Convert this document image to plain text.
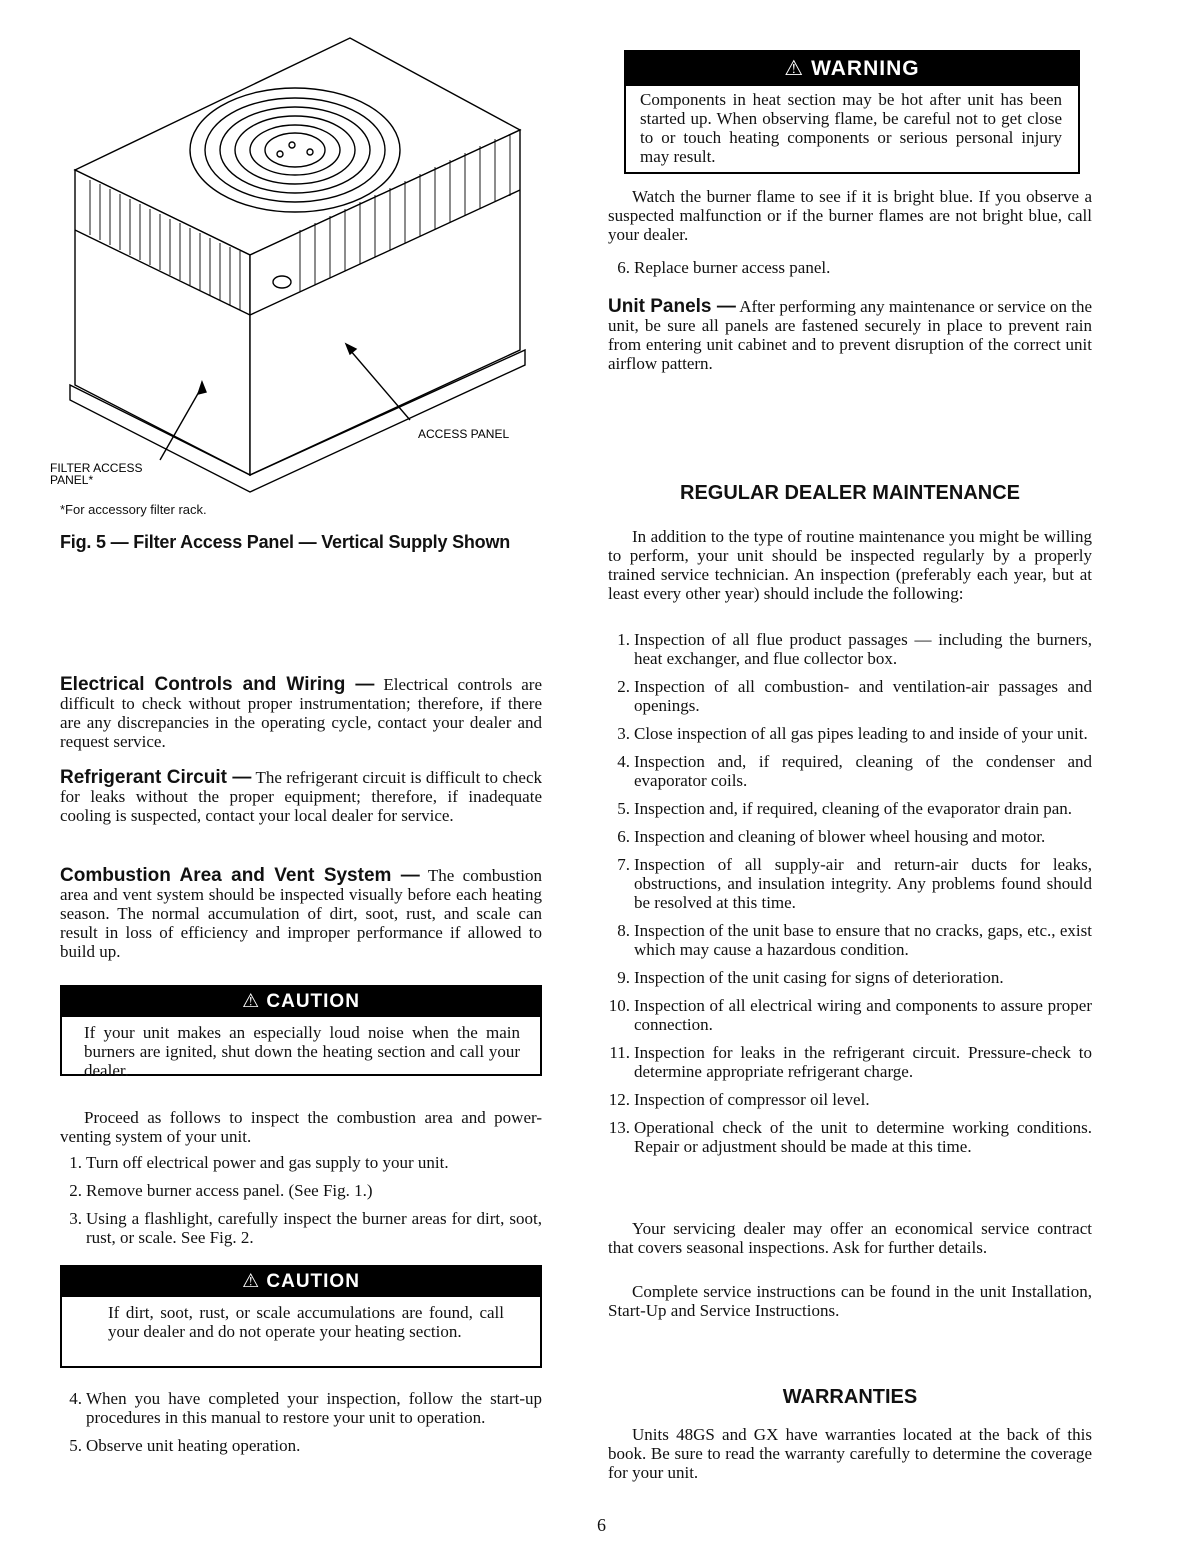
ACCESS PANEL
FILTER ACCESS
PANEL*
*For accessory filter rack.
Fig. 5 — Filter Access Panel — Vertical Supply Shown

Electrical Controls and Wiring — Electrical controls are difficult to check without proper instrumentation; therefore, if there are any discrepancies in the operating cycle, contact your dealer and request service.

Refrigerant Circuit — The refrigerant circuit is difficult to check for leaks without the proper equipment; therefore, if inadequate cooling is suspected, contact your local dealer for service.

Combustion Area and Vent System — The combustion area and vent system should be inspected visually before each heating season. The normal accumulation of dirt, soot, rust, and scale can result in loss of efficiency and improper performance if allowed to build up.

⚠ CAUTION
If your unit makes an especially loud noise when the main burners are ignited, shut down the heating section and call your dealer.

Proceed as follows to inspect the combustion area and power-venting system of your unit.

1. Turn off electrical power and gas supply to your unit.
2. Remove burner access panel. (See Fig. 1.)
3. Using a flashlight, carefully inspect the burner areas for dirt, soot, rust, or scale. See Fig. 2.
⚠ CAUTION
If dirt, soot, rust, or scale accumulations are found, call your dealer and do not operate your heating section.
4. When you have completed your inspection, follow the start-up procedures in this manual to restore your unit to operation.
5. Observe unit heating operation.
⚠ WARNING
Components in heat section may be hot after unit has been started up. When observing flame, be careful not to get close to or touch heating components or serious personal injury may result.

Watch the burner flame to see if it is bright blue. If you observe a suspected malfunction or if the burner flames are not bright blue, call your dealer.

6. Replace burner access panel.

Unit Panels — After performing any maintenance or service on the unit, be sure all panels are fastened securely in place to prevent rain from entering unit cabinet and to prevent disruption of the correct unit airflow pattern.

REGULAR DEALER MAINTENANCE

In addition to the type of routine maintenance you might be willing to perform, your unit should be inspected regularly by a properly trained service technician. An inspection (preferably each year, but at least every other year) should include the following:

1. Inspection of all flue product passages — including the burners, heat exchanger, and flue collector box.
2. Inspection of all combustion- and ventilation-air passages and openings.
3. Close inspection of all gas pipes leading to and inside of your unit.
4. Inspection and, if required, cleaning of the condenser and evaporator coils.
5. Inspection and, if required, cleaning of the evaporator drain pan.
6. Inspection and cleaning of blower wheel housing and motor.
7. Inspection of all supply-air and return-air ducts for leaks, obstructions, and insulation integrity. Any problems found should be resolved at this time.
8. Inspection of the unit base to ensure that no cracks, gaps, etc., exist which may cause a hazardous condition.
9. Inspection of the unit casing for signs of deterioration.
10. Inspection of all electrical wiring and components to assure proper connection.
11. Inspection for leaks in the refrigerant circuit. Pressure-check to determine appropriate refrigerant charge.
12. Inspection of compressor oil level.
13. Operational check of the unit to determine working conditions. Repair or adjustment should be made at this time.

Your servicing dealer may offer an economical service contract that covers seasonal inspections. Ask for further details.

Complete service instructions can be found in the unit Installation, Start-Up and Service Instructions.

WARRANTIES

Units 48GS and GX have warranties located at the back of this book. Be sure to read the warranty carefully to determine the coverage for your unit.

6
